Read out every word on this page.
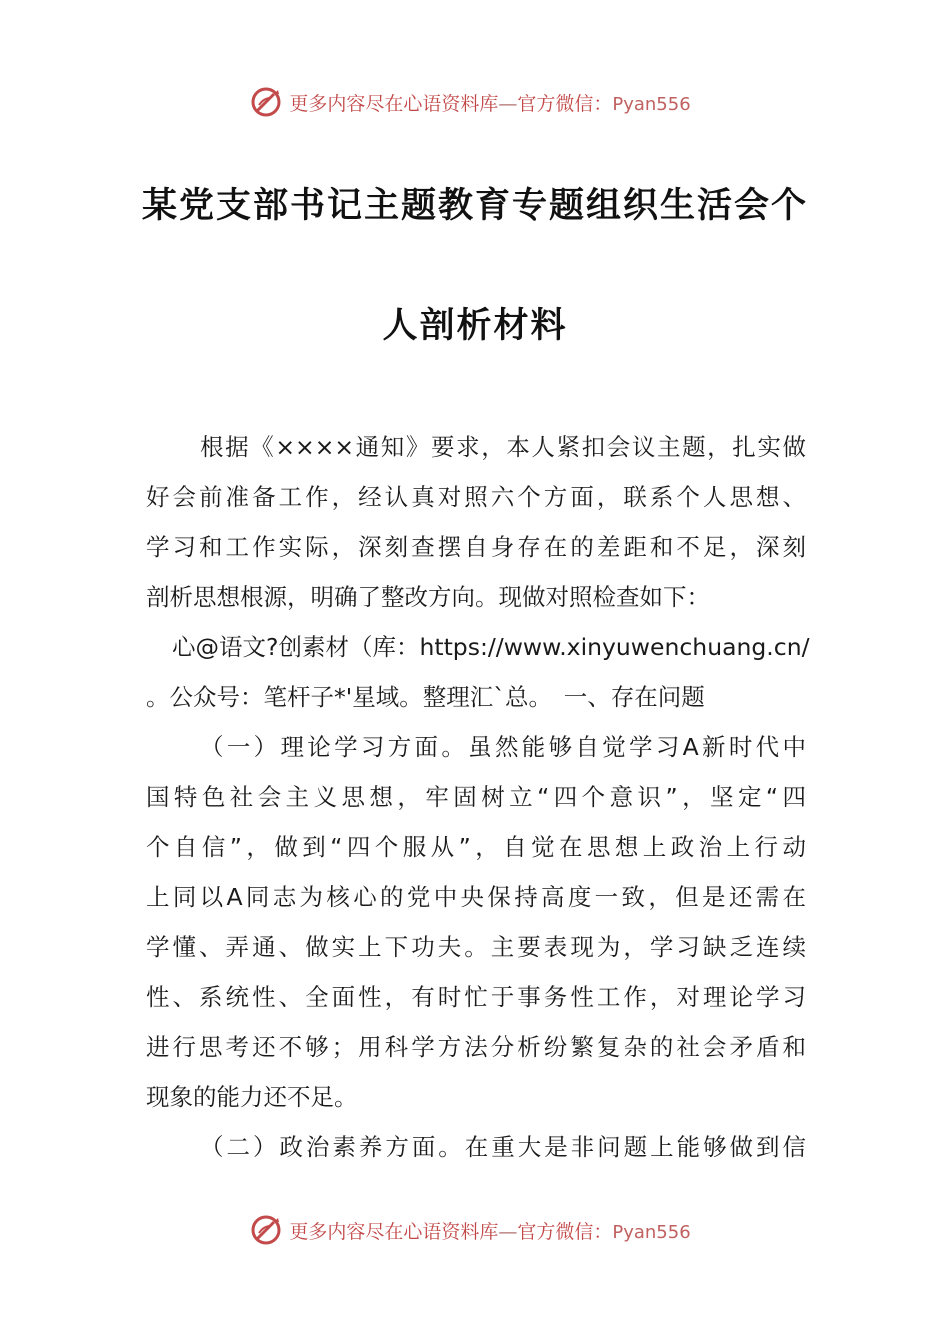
更多内容尽在心语资料库—官方微信：Pyan556
某党支部书记主题教育专题组织生活会个
人剖析材料
根据《××××通知》要求，本人紧扣会议主题，扎实做
好会前准备工作，经认真对照六个方面，联系个人思想、
学习和工作实际，深刻查摆自身存在的差距和不足，深刻
剖析思想根源，明确了整改方向。现做对照检查如下：
心@语文?创素材（库：https://www.xinyuwenchuang.cn/
。公众号：笔杆子*'星域。整理汇`总。　一、存在问题
（一）理论学习方面。虽然能够自觉学习A新时代中
国特色社会主义思想，牢固树立“四个意识”，坚定“四
个自信”，做到“四个服从”，自觉在思想上政治上行动
上同以A同志为核心的党中央保持高度一致，但是还需在
学懂、弄通、做实上下功夫。主要表现为，学习缺乏连续
性、系统性、全面性，有时忙于事务性工作，对理论学习
进行思考还不够；用科学方法分析纷繁复杂的社会矛盾和
现象的能力还不足。
（二）政治素养方面。在重大是非问题上能够做到信
更多内容尽在心语资料库—官方微信：Pyan556
